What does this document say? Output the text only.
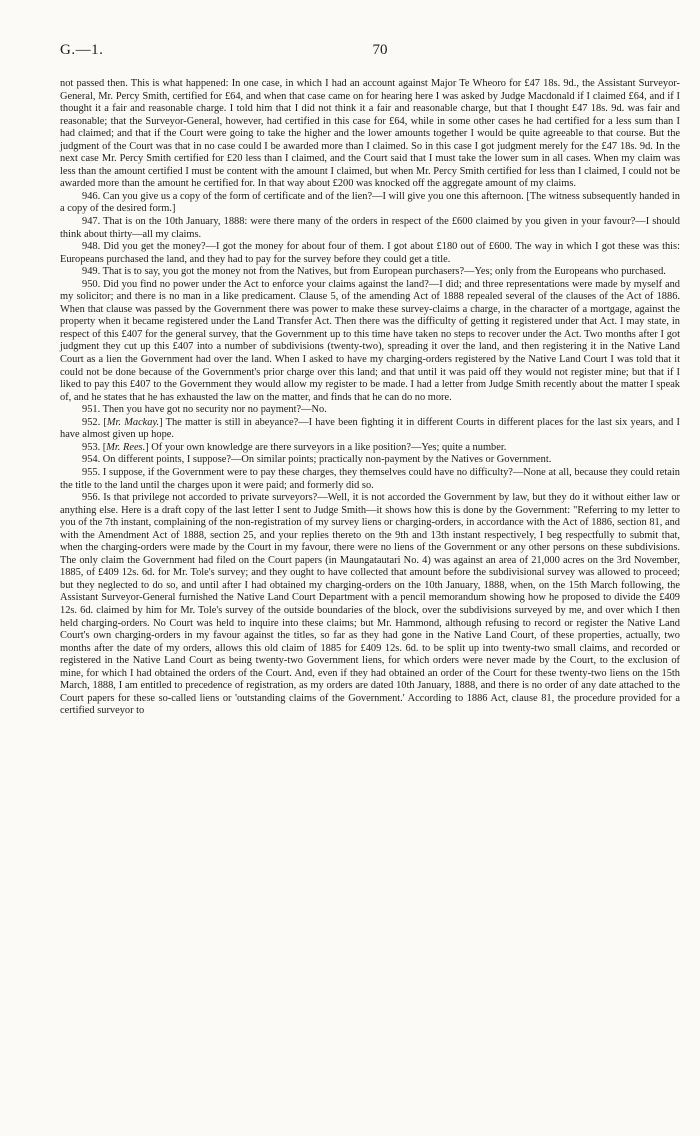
G.—1.	70

not passed then. This is what happened: In one case, in which I had an account against Major Te Wheoro for £47 18s. 9d., the Assistant Surveyor-General, Mr. Percy Smith, certified for £64, and when that case came on for hearing here I was asked by Judge Macdonald if I claimed £64, and if I thought it a fair and reasonable charge. I told him that I did not think it a fair and reasonable charge, but that I thought £47 18s. 9d. was fair and reasonable; that the Surveyor-General, however, had certified in this case for £64, while in some other cases he had certified for a less sum than I had claimed; and that if the Court were going to take the higher and the lower amounts together I would be quite agreeable to that course. But the judgment of the Court was that in no case could I be awarded more than I claimed. So in this case I got judgment merely for the £47 18s. 9d. In the next case Mr. Percy Smith certified for £20 less than I claimed, and the Court said that I must take the lower sum in all cases. When my claim was less than the amount certified I must be content with the amount I claimed, but when Mr. Percy Smith certified for less than I claimed, I could not be awarded more than the amount he certified for. In that way about £200 was knocked off the aggregate amount of my claims.

946. Can you give us a copy of the form of certificate and of the lien?—I will give you one this afternoon. [The witness subsequently handed in a copy of the desired form.]

947. That is on the 10th January, 1888: were there many of the orders in respect of the £600 claimed by you given in your favour?—I should think about thirty—all my claims.

948. Did you get the money?—I got the money for about four of them. I got about £180 out of £600. The way in which I got these was this: Europeans purchased the land, and they had to pay for the survey before they could get a title.

949. That is to say, you got the money not from the Natives, but from European purchasers?—Yes; only from the Europeans who purchased.

950. Did you find no power under the Act to enforce your claims against the land?—I did; and three representations were made by myself and my solicitor; and there is no man in a like predicament. Clause 5, of the amending Act of 1888 repealed several of the clauses of the Act of 1886. When that clause was passed by the Government there was power to make these survey-claims a charge, in the character of a mortgage, against the property when it became registered under the Land Transfer Act. Then there was the difficulty of getting it registered under that Act. I may state, in respect of this £407 for the general survey, that the Government up to this time have taken no steps to recover under the Act. Two months after I got judgment they cut up this £407 into a number of subdivisions (twenty-two), spreading it over the land, and then registering it in the Native Land Court as a lien the Government had over the land. When I asked to have my charging-orders registered by the Native Land Court I was told that it could not be done because of the Government's prior charge over this land; and that until it was paid off they would not register mine; but that if I liked to pay this £407 to the Government they would allow my register to be made. I had a letter from Judge Smith recently about the matter I speak of, and he states that he has exhausted the law on the matter, and finds that he can do no more.

951. Then you have got no security nor no payment?—No.

952. [Mr. Mackay.] The matter is still in abeyance?—I have been fighting it in different Courts in different places for the last six years, and I have almost given up hope.

953. [Mr. Rees.] Of your own knowledge are there surveyors in a like position?—Yes; quite a number.

954. On different points, I suppose?—On similar points; practically non-payment by the Natives or Government.

955. I suppose, if the Government were to pay these charges, they themselves could have no difficulty?—None at all, because they could retain the title to the land until the charges upon it were paid; and formerly did so.

956. Is that privilege not accorded to private surveyors?—Well, it is not accorded the Government by law, but they do it without either law or anything else. Here is a draft copy of the last letter I sent to Judge Smith—it shows how this is done by the Government: "Referring to my letter to you of the 7th instant, complaining of the non-registration of my survey liens or charging-orders, in accordance with the Act of 1886, section 81, and with the Amendment Act of 1888, section 25, and your replies thereto on the 9th and 13th instant respectively, I beg respectfully to submit that, when the charging-orders were made by the Court in my favour, there were no liens of the Government or any other persons on these subdivisions. The only claim the Government had filed on the Court papers (in Maungatautari No. 4) was against an area of 21,000 acres on the 3rd November, 1885, of £409 12s. 6d. for Mr. Tole's survey; and they ought to have collected that amount before the subdivisional survey was allowed to proceed; but they neglected to do so, and until after I had obtained my charging-orders on the 10th January, 1888, when, on the 15th March following, the Assistant Surveyor-General furnished the Native Land Court Department with a pencil memorandum showing how he proposed to divide the £409 12s. 6d. claimed by him for Mr. Tole's survey of the outside boundaries of the block, over the subdivisions surveyed by me, and over which I then held charging-orders. No Court was held to inquire into these claims; but Mr. Hammond, although refusing to record or register the Native Land Court's own charging-orders in my favour against the titles, so far as they had gone in the Native Land Court, of these properties, actually, two months after the date of my orders, allows this old claim of 1885 for £409 12s. 6d. to be split up into twenty-two small claims, and recorded or registered in the Native Land Court as being twenty-two Government liens, for which orders were never made by the Court, to the exclusion of mine, for which I had obtained the orders of the Court. And, even if they had obtained an order of the Court for these twenty-two liens on the 15th March, 1888, I am entitled to precedence of registration, as my orders are dated 10th January, 1888, and there is no order of any date attached to the Court papers for these so-called liens or 'outstanding claims of the Government.' According to 1886 Act, clause 81, the procedure provided for a certified surveyor to
